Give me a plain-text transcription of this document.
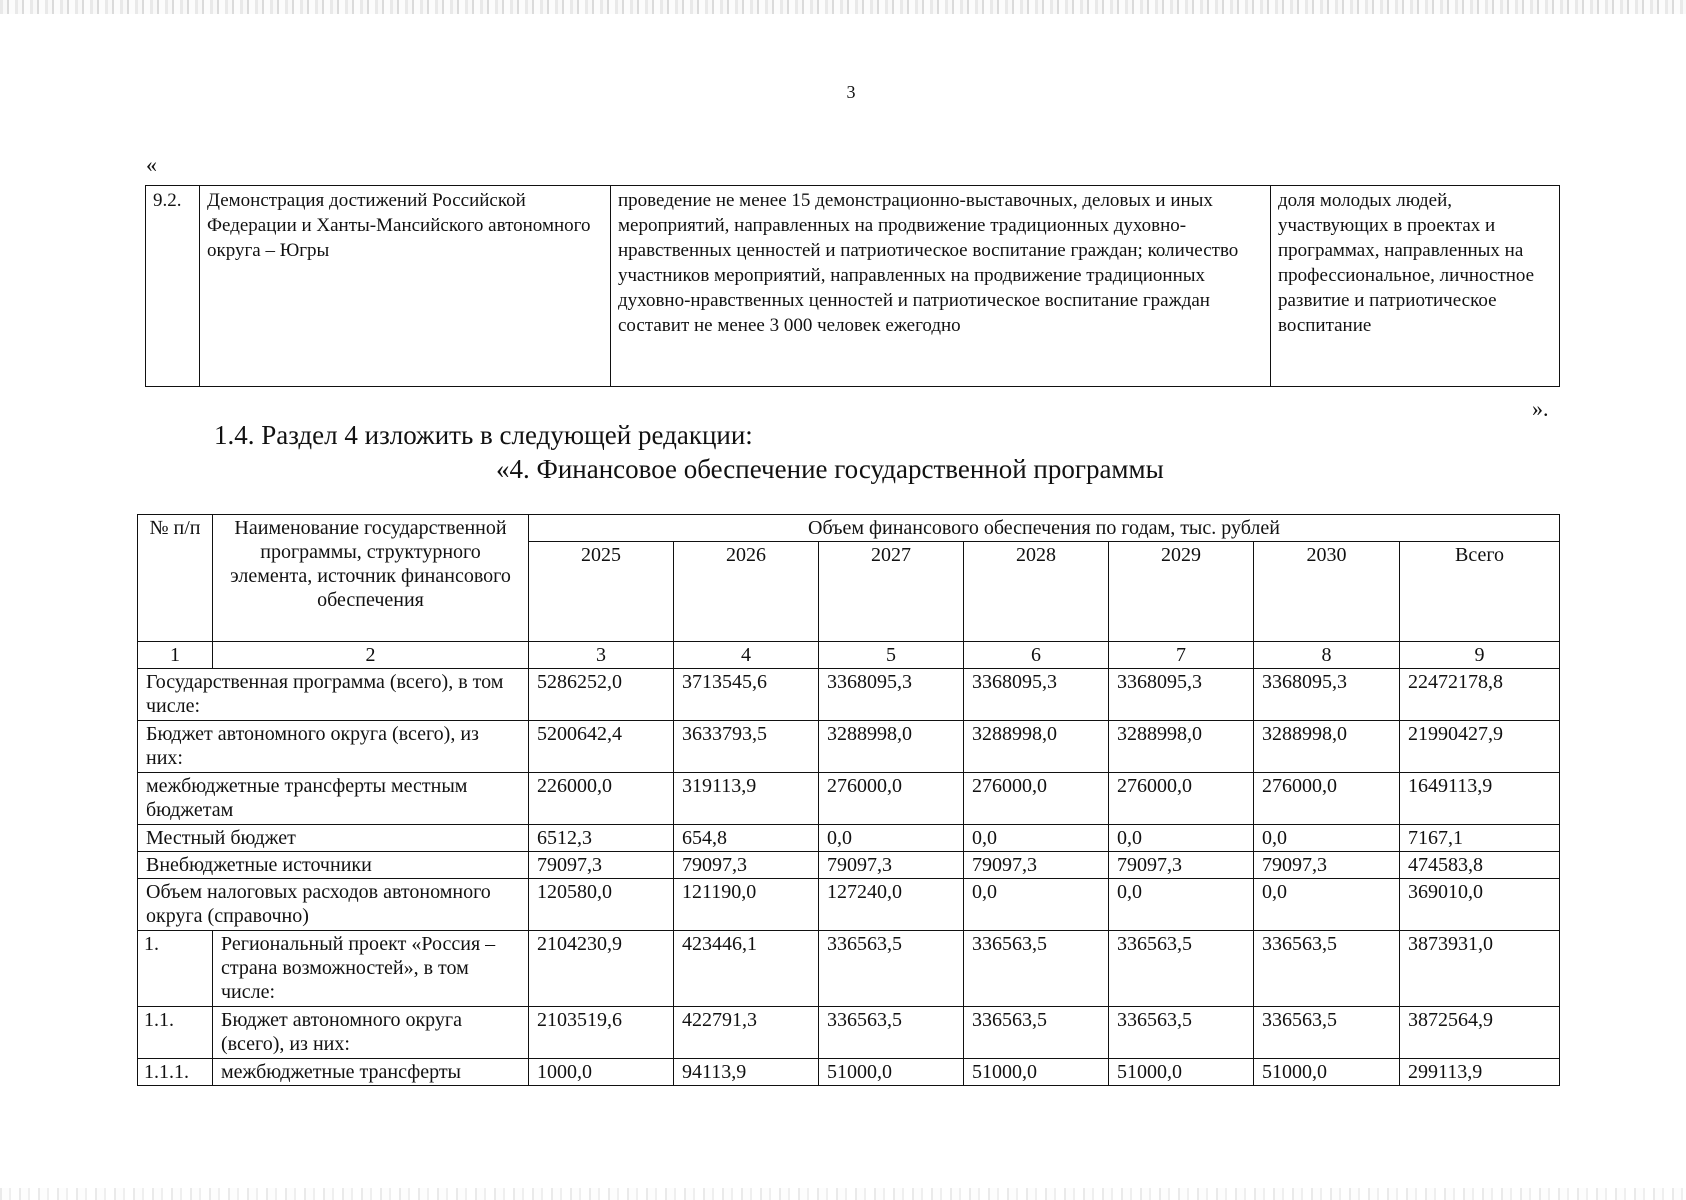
3
«
9.2.	Демонстрация достижений Российской Федерации и Ханты-Мансийского автономного округа – Югры	проведение не менее 15 демонстрационно-выставочных, деловых и иных мероприятий, направленных на продвижение традиционных духовно-нравственных ценностей и патриотическое воспитание граждан; количество участников мероприятий, направленных на продвижение традиционных духовно-нравственных ценностей и патриотическое воспитание граждан составит не менее 3 000 человек ежегодно	доля молодых людей, участвующих в проектах и программах, направленных на профессиональное, личностное развитие и патриотическое воспитание
».
1.4. Раздел 4 изложить в следующей редакции:
«4. Финансовое обеспечение государственной программы
№ п/п	Наименование государственной программы, структурного элемента, источник финансового обеспечения	Объем финансового обеспечения по годам, тыс. рублей						
		2025	2026	2027	2028	2029	2030	Всего
1	2	3	4	5	6	7	8	9
Государственная программа (всего), в том числе:		5286252,0	3713545,6	3368095,3	3368095,3	3368095,3	3368095,3	22472178,8
Бюджет автономного округа (всего), из них:		5200642,4	3633793,5	3288998,0	3288998,0	3288998,0	3288998,0	21990427,9
межбюджетные трансферты местным бюджетам		226000,0	319113,9	276000,0	276000,0	276000,0	276000,0	1649113,9
Местный бюджет		6512,3	654,8	0,0	0,0	0,0	0,0	7167,1
Внебюджетные источники		79097,3	79097,3	79097,3	79097,3	79097,3	79097,3	474583,8
Объем налоговых расходов автономного округа (справочно)		120580,0	121190,0	127240,0	0,0	0,0	0,0	369010,0
1.	Региональный проект «Россия – страна возможностей», в том числе:	2104230,9	423446,1	336563,5	336563,5	336563,5	336563,5	3873931,0
1.1.	Бюджет автономного округа (всего), из них:	2103519,6	422791,3	336563,5	336563,5	336563,5	336563,5	3872564,9
1.1.1.	межбюджетные трансферты	1000,0	94113,9	51000,0	51000,0	51000,0	51000,0	299113,9
